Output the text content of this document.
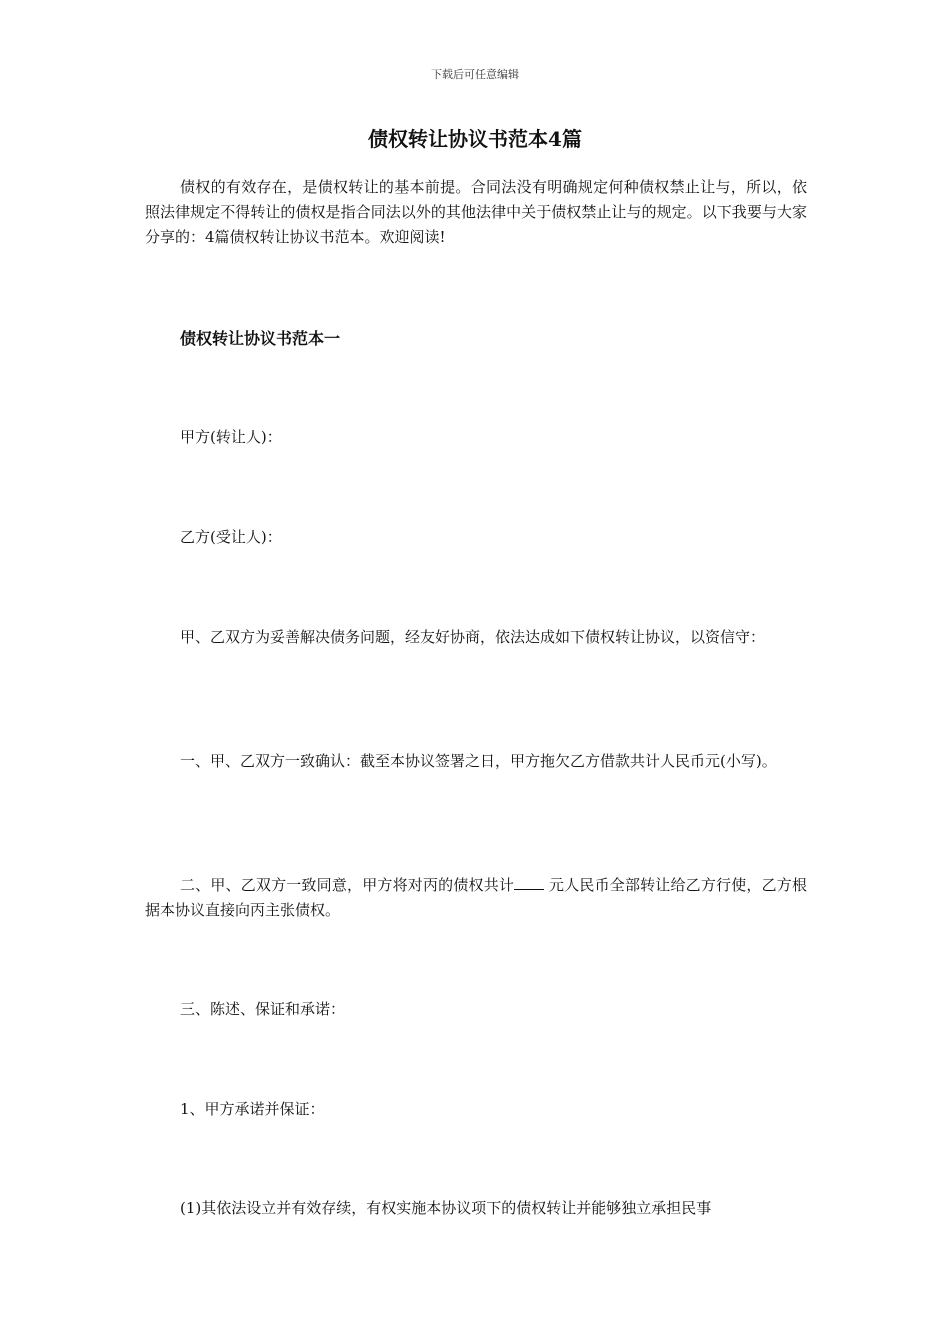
下载后可任意编辑
债权转让协议书范本4篇

债权的有效存在，是债权转让的基本前提。合同法没有明确规定何种债权禁止让与，所以，依照法律规定不得转让的债权是指合同法以外的其他法律中关于债权禁止让与的规定。以下我要与大家分享的：4篇债权转让协议书范本。欢迎阅读!

债权转让协议书范本一

甲方(转让人)：

乙方(受让人)：

甲、乙双方为妥善解决债务问题，经友好协商，依法达成如下债权转让协议，以资信守：

一、甲、乙双方一致确认：截至本协议签署之日，甲方拖欠乙方借款共计人民币元(小写)。

二、甲、乙双方一致同意，甲方将对丙的债权共计 元人民币全部转让给乙方行使，乙方根据本协议直接向丙主张债权。

三、陈述、保证和承诺：

1、甲方承诺并保证：

(1)其依法设立并有效存续，有权实施本协议项下的债权转让并能够独立承担民事
